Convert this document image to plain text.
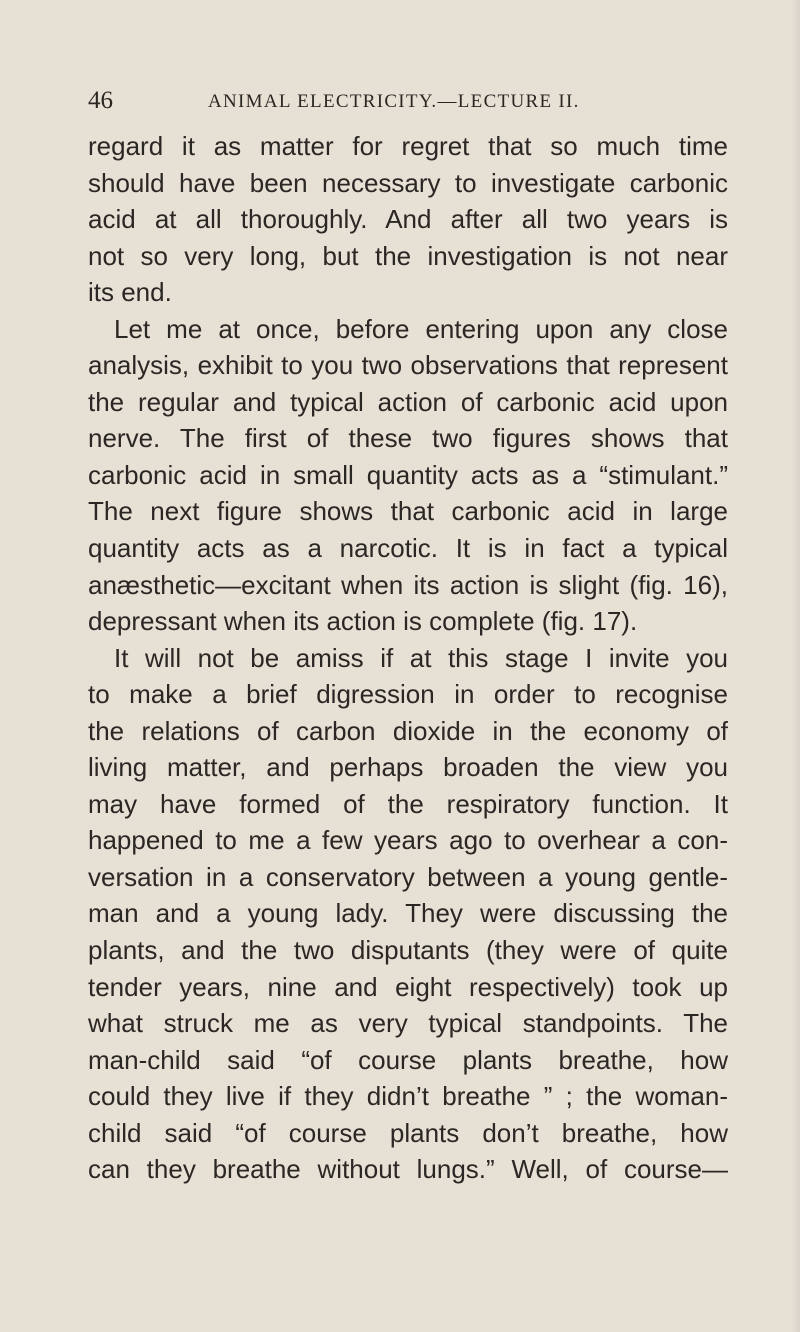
46	ANIMAL ELECTRICITY.—LECTURE II.
regard it as matter for regret that so much time
should have been necessary to investigate carbonic
acid at all thoroughly. And after all two years is
not so very long, but the investigation is not near
its end.
Let me at once, before entering upon any close
analysis, exhibit to you two observations that represent
the regular and typical action of carbonic acid upon
nerve. The first of these two figures shows that
carbonic acid in small quantity acts as a “stimulant.”
The next figure shows that carbonic acid in large
quantity acts as a narcotic. It is in fact a typical
anæsthetic—excitant when its action is slight (fig. 16),
depressant when its action is complete (fig. 17).
It will not be amiss if at this stage I invite you
to make a brief digression in order to recognise
the relations of carbon dioxide in the economy of
living matter, and perhaps broaden the view you
may have formed of the respiratory function. It
happened to me a few years ago to overhear a con-
versation in a conservatory between a young gentle-
man and a young lady. They were discussing the
plants, and the two disputants (they were of quite
tender years, nine and eight respectively) took up
what struck me as very typical standpoints. The
man-child said “of course plants breathe, how
could they live if they didn’t breathe ” ; the woman-
child said “of course plants don’t breathe, how
can they breathe without lungs.” Well, of course—
